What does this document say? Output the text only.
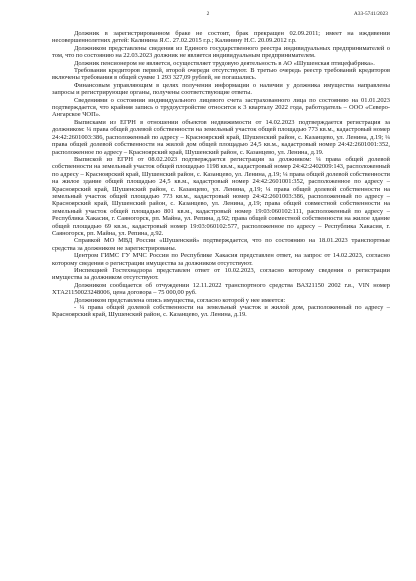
2	А33-5741/2023

Должник в зарегистрированном браке не состоит, брак прекращен 02.09.2011; имеет на иждивении несовершеннолетних детей: Калинина Я.С. 27.02.2015 г.р.; Калинину Н.С. 20.09.2012 г.р.

Должником представлены сведения из Единого государственного реестра индивидуальных предпринимателей о том, что по состоянию на 22.03.2023 должник не является индивидуальным предпринимателем.

Должник пенсионером не является, осуществляет трудовую деятельность в АО «Шушенская птицефабрика».

Требования кредиторов первой, второй очереди отсутствуют. В третью очередь реестр требований кредиторов включены требования в общей сумме 1 293 327,09 рублей, не погашались.

Финансовым управляющим в целях получения информации о наличии у должника имущества направлены запросы и регистрирующие органы, получены соответствующие ответы.

Сведениями о состоянии индивидуального лицевого счета застрахованного лица по состоянию на 01.01.2023 подтверждается, что крайняя запись о трудоустройстве относится к 3 кварталу 2022 года, работодатель – ООО «Северо-Ангарское ЧОП».

Выписками из ЕГРН в отношении объектов недвижимости от 14.02.2023 подтверждается регистрация за должником: ¼ права общей долевой собственности на земельный участок общей площадью 773 кв.м., кадастровый номер 24:42:2601003:386, расположенный по адресу – Красноярский край, Шушенский район, с. Казанцево, ул. Ленина, д.19; ¼ права общей долевой собственности на жилой дом общей площадью 24,5 кв.м., кадастровый номер 24:42:2601001:352, расположенное по адресу – Красноярский край, Шушенский район, с. Казанцево, ул. Ленина, д.19.

Выпиской из ЕГРН от 08.02.2023 подтверждается регистрация за должником: ¼ права общей долевой собственности на земельный участок общей площадью 1198 кв.м., кадастровый номер 24:42:2402009:143, расположенный по адресу – Красноярский край, Шушенский район, с. Казанцево, ул. Ленина, д.19; ¼ права общей долевой собственности на жилое здание общей площадью 24,5 кв.м., кадастровый номер 24:42:2601001:352, расположенное по адресу – Красноярский край, Шушенский район, с. Казанцево, ул. Ленина, д.19; ¼ права общей долевой собственности на земельный участок общей площадью 773 кв.м., кадастровый номер 24:42:2601003:386, расположенный по адресу – Красноярский край, Шушенский район, с. Казанцево, ул. Ленина, д.19; права общей совместной собственности на земельный участок общей площадью 801 кв.м., кадастровый номер 19:03:060102:111, расположенный по адресу – Республика Хакасия, г. Саяногорск, рп. Майна, ул. Репина, д.92; права общей совместной собственности на жилое здание общей площадью 69 кв.м., кадастровый номер 19:03:060102:577, расположенное по адресу – Республика Хакасия, г. Саяногорск, рп. Майна, ул. Репина, д.92.

Справкой МО МВД России «Шушенский» подтверждается, что по состоянию на 18.01.2023 транспортные средства за должником не зарегистрированы.

Центром ГИМС ГУ МЧС России по Республике Хакасия представлен ответ, на запрос от 14.02.2023, согласно которому сведения о регистрации имущества за должником отсутствуют.

Инспекцией Гостехнадзора представлен ответ от 10.02.2023, согласно которому сведения о регистрации имущества за должником отсутствуют.

Должником сообщается об отчуждении 12.11.2022 транспортного средства ВАЗ21150 2002 г.в., VIN номер ХТА21150023248006, цена договора – 75 000,00 руб.

Должником представлена опись имущества, согласно которой у нее имеется:

- ¼ права общей долевой собственности на земельный участок и жилой дом, расположенный по адресу – Красноярский край, Шушенский район, с. Казанцево, ул. Ленина, д.19.
